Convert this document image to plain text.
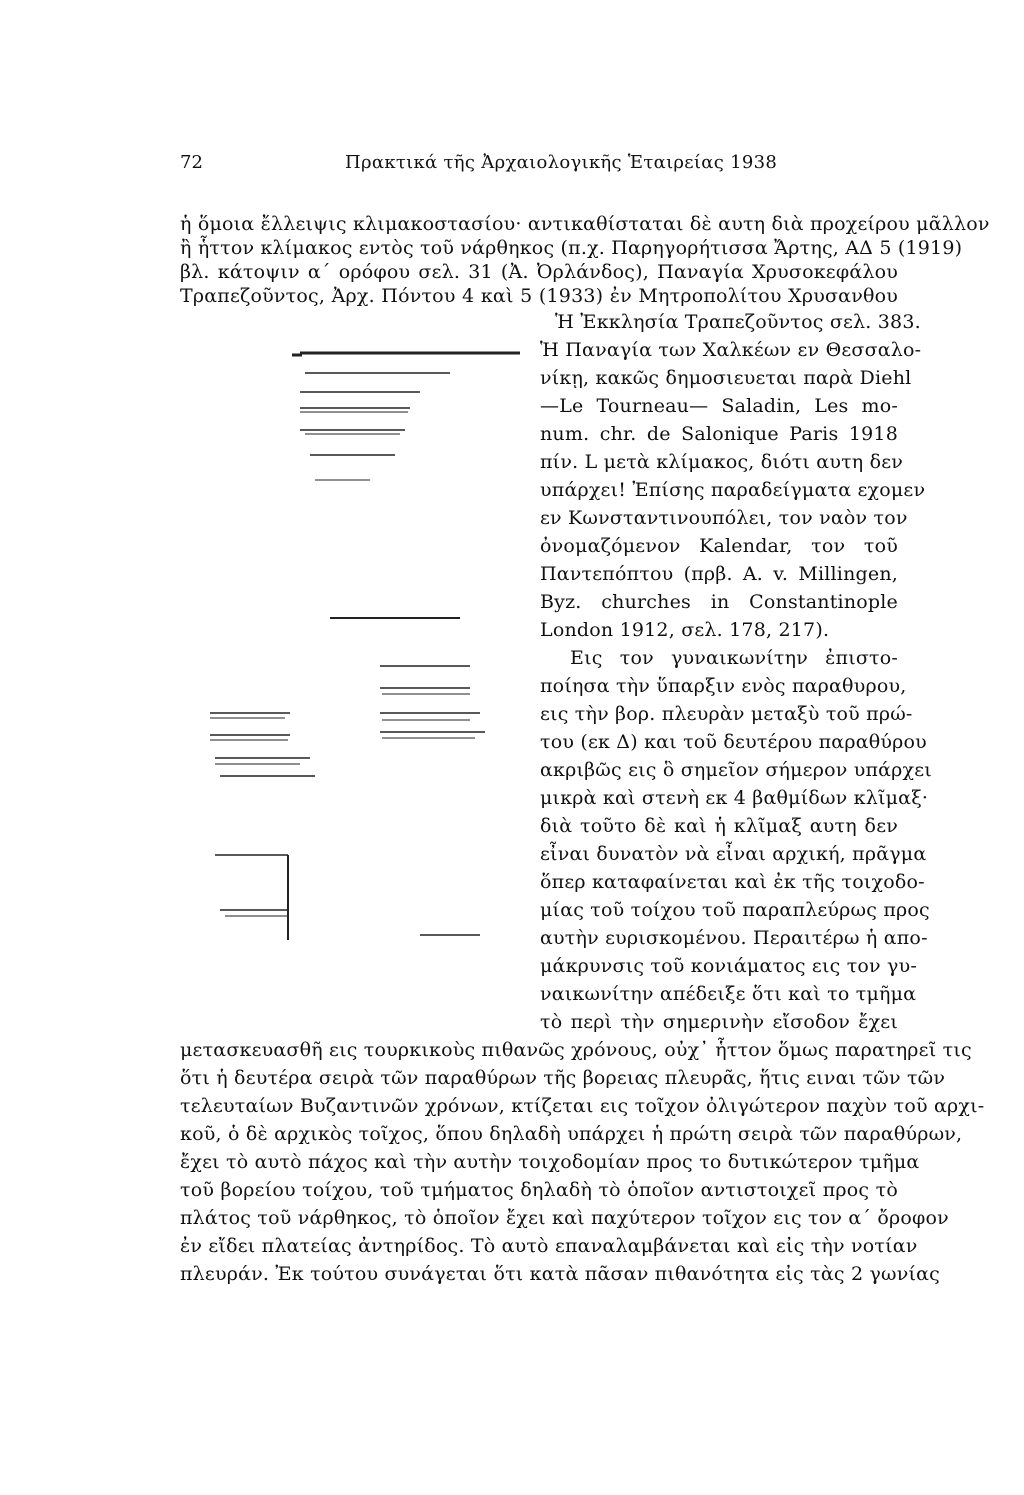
72	Πρακτικά τῆς Ἀρχαιολογικῆς Ἑταιρείας 1938
ἡ ὅμοια ἔλλειψις κλιμακοστασίου· αντικαθίσταται δὲ αυτη διὰ προχείρου μᾶλλον
ἢ ἧττον κλίμακος εντὸς τοῦ νάρθηκος (π.χ. Παρηγορήτισσα Ἄρτης, ΑΔ 5 (1919)
βλ. κάτοψιν α΄ ορόφου σελ. 31 (Ἀ. Ὀρλάνδος), Παναγία Χρυσοκεφάλου
Τραπεζοῦντος, Ἀρχ. Πόντου 4 καὶ 5 (1933) ἐν Μητροπολίτου Χρυσανθου
Ἡ Ἐκκλησία Τραπεζοῦντος σελ. 383.
Ἡ Παναγία των Χαλκέων εν Θεσσαλο-
νίκῃ, κακῶς δημοσιευεται παρὰ Diehl
—Le Tourneau— Saladin, Les mo-
num. chr. de Salonique Paris 1918
πίν. L μετὰ κλίμακος, διότι αυτη δεν
υπάρχει! Ἐπίσης παραδείγματα εχομεν
εν Κωνσταντινουπόλει, τον ναὸν τον
ὀνομαζόμενον Kalendar, τον τοῦ
Παντεπόπτου (πρβ. A. v. Millingen,
Byz. churches in Constantinople
London 1912, σελ. 178, 217).
Εις τον γυναικωνίτην ἐπιστο-
ποίησα τὴν ὕπαρξιν ενὸς παραθυρου,
εις τὴν βορ. πλευρὰν μεταξὺ τοῦ πρώ-
του (εκ Δ) και τοῦ δευτέρου παραθύρου
ακριβῶς εις ὃ σημεῖον σήμερον υπάρχει
μικρὰ καὶ στενὴ εκ 4 βαθμίδων κλῖμαξ·
διὰ τοῦτο δὲ καὶ ἡ κλῖμαξ αυτη δεν
εἶναι δυνατὸν νὰ εἶναι αρχική, πρᾶγμα
ὅπερ καταφαίνεται καὶ ἐκ τῆς τοιχοδο-
μίας τοῦ τοίχου τοῦ παραπλεύρως προς
αυτὴν ευρισκομένου. Περαιτέρω ἡ απο-
μάκρυνσις τοῦ κονιάματος εις τον γυ-
ναικωνίτην απέδειξε ὅτι καὶ το τμῆμα
τὸ περὶ τὴν σημερινὴν εἴσοδον ἔχει
μετασκευασθῆ εις τουρκικοὺς πιθανῶς χρόνους, οὐχ᾽ ἧττον ὅμως παρατηρεῖ τις
ὅτι ἡ δευτέρα σειρὰ τῶν παραθύρων τῆς βορειας πλευρᾶς, ἥτις ειναι τῶν τῶν
τελευταίων Βυζαντινῶν χρόνων, κτίζεται εις τοῖχον ὀλιγώτερον παχὺν τοῦ αρχι-
κοῦ, ὁ δὲ αρχικὸς τοῖχος, ὅπου δηλαδὴ υπάρχει ἡ πρώτη σειρὰ τῶν παραθύρων,
ἔχει τὸ αυτὸ πάχος καὶ τὴν αυτὴν τοιχοδομίαν προς το δυτικώτερον τμῆμα
τοῦ βορείου τοίχου, τοῦ τμήματος δηλαδὴ τὸ ὁποῖον αντιστοιχεῖ προς τὸ
πλάτος τοῦ νάρθηκος, τὸ ὁποῖον ἔχει καὶ παχύτερον τοῖχον εις τον α΄ ὄροφον
ἐν εἴδει πλατείας ἀντηρίδος. Τὸ αυτὸ επαναλαμβάνεται καὶ εἰς τὴν νοτίαν
πλευράν. Ἐκ τούτου συνάγεται ὅτι κατὰ πᾶσαν πιθανότητα εἰς τὰς 2 γωνίας
